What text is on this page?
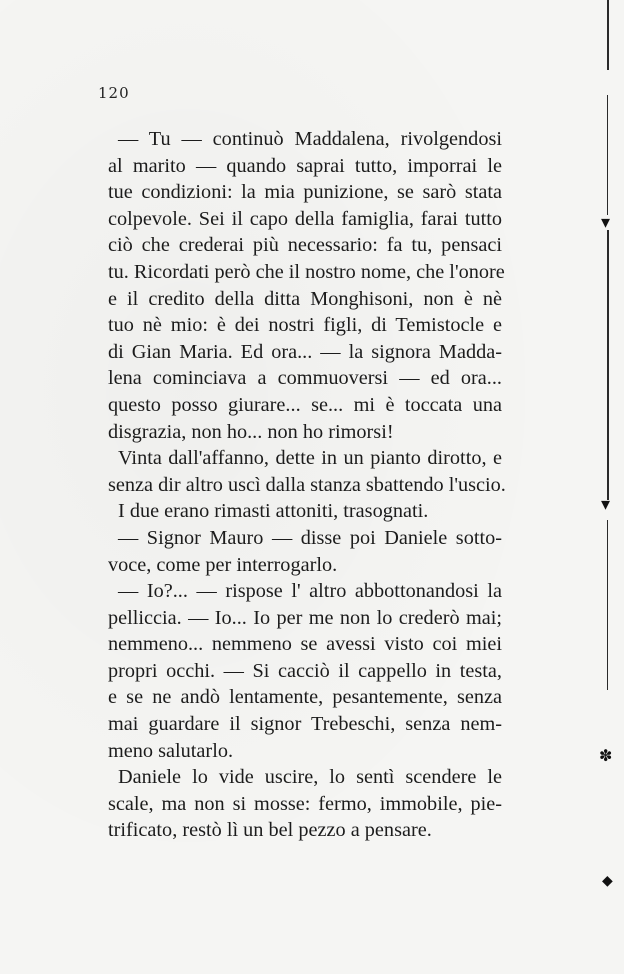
120
— Tu — continuò Maddalena, rivolgendosi
al marito — quando saprai tutto, imporrai le
tue condizioni: la mia punizione, se sarò stata
colpevole. Sei il capo della famiglia, farai tutto
ciò che crederai più necessario: fa tu, pensaci
tu. Ricordati però che il nostro nome, che l'onore
e il credito della ditta Monghisoni, non è nè
tuo nè mio: è dei nostri figli, di Temistocle e
di Gian Maria. Ed ora... — la signora Madda-
lena cominciava a commuoversi — ed ora...
questo posso giurare... se... mi è toccata una
disgrazia, non ho... non ho rimorsi!
Vinta dall'affanno, dette in un pianto dirotto, e
senza dir altro uscì dalla stanza sbattendo l'uscio.
I due erano rimasti attoniti, trasognati.
— Signor Mauro — disse poi Daniele sotto-
voce, come per interrogarlo.
— Io?... — rispose l' altro abbottonandosi la
pelliccia. — Io... Io per me non lo crederò mai;
nemmeno... nemmeno se avessi visto coi miei
propri occhi. — Si cacciò il cappello in testa,
e se ne andò lentamente, pesantemente, senza
mai guardare il signor Trebeschi, senza nem-
meno salutarlo.
Daniele lo vide uscire, lo sentì scendere le
scale, ma non si mosse: fermo, immobile, pie-
trificato, restò lì un bel pezzo a pensare.
▾
▾
✽
◆
